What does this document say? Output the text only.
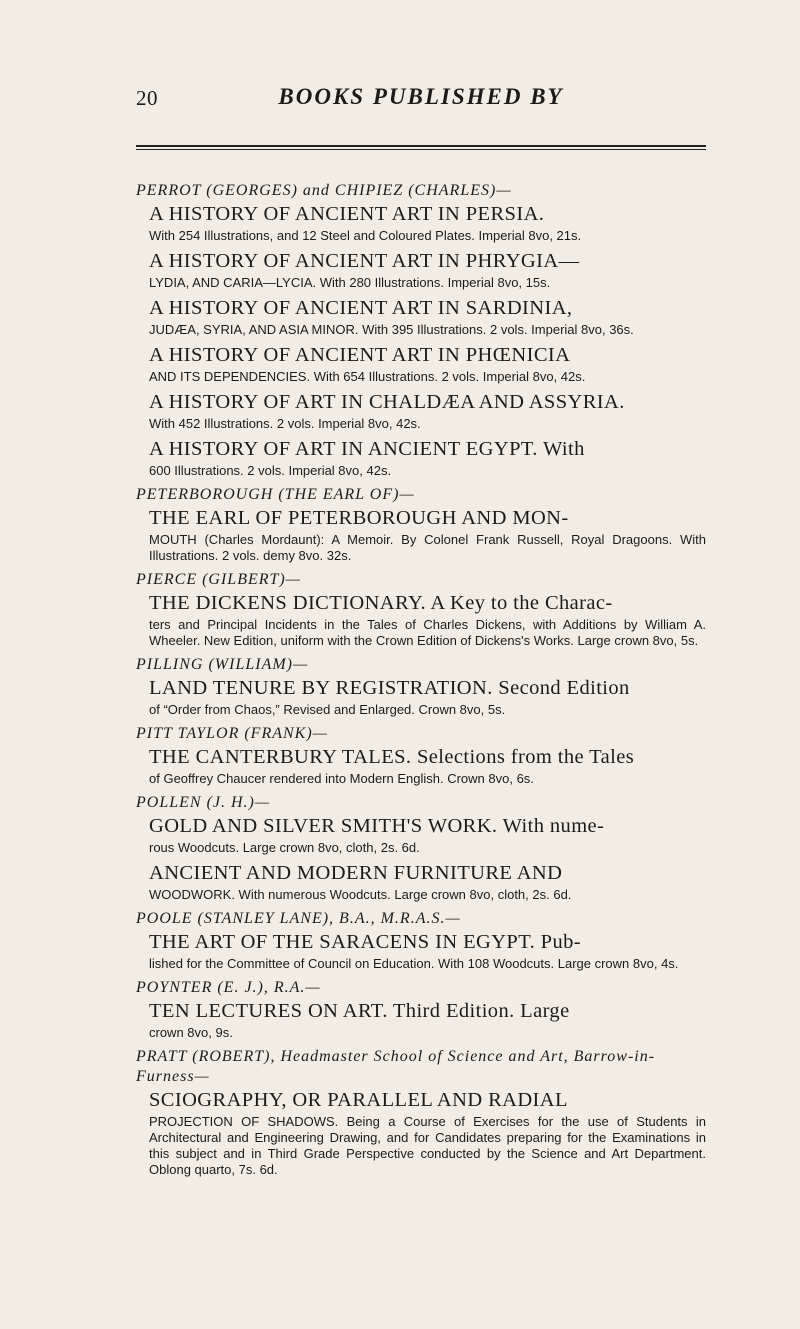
20	BOOKS PUBLISHED BY
PERROT (GEORGES) and CHIPIEZ (CHARLES)—
A HISTORY OF ANCIENT ART IN PERSIA.
With 254 Illustrations, and 12 Steel and Coloured Plates. Imperial 8vo, 21s.
A HISTORY OF ANCIENT ART IN PHRYGIA—
LYDIA, AND CARIA—LYCIA. With 280 Illustrations. Imperial 8vo, 15s.
A HISTORY OF ANCIENT ART IN SARDINIA,
JUDÆA, SYRIA, AND ASIA MINOR. With 395 Illustrations. 2 vols. Imperial 8vo, 36s.
A HISTORY OF ANCIENT ART IN PHŒNICIA
AND ITS DEPENDENCIES. With 654 Illustrations. 2 vols. Imperial 8vo, 42s.
A HISTORY OF ART IN CHALDÆA AND ASSYRIA.
With 452 Illustrations. 2 vols. Imperial 8vo, 42s.
A HISTORY OF ART IN ANCIENT EGYPT. With
600 Illustrations. 2 vols. Imperial 8vo, 42s.
PETERBOROUGH (THE EARL OF)—
THE EARL OF PETERBOROUGH AND MON-
MOUTH (Charles Mordaunt): A Memoir. By Colonel Frank Russell, Royal Dragoons. With Illustrations. 2 vols. demy 8vo. 32s.
PIERCE (GILBERT)—
THE DICKENS DICTIONARY. A Key to the Charac-
ters and Principal Incidents in the Tales of Charles Dickens, with Additions by William A. Wheeler. New Edition, uniform with the Crown Edition of Dickens's Works. Large crown 8vo, 5s.
PILLING (WILLIAM)—
LAND TENURE BY REGISTRATION. Second Edition
of “Order from Chaos,” Revised and Enlarged. Crown 8vo, 5s.
PITT TAYLOR (FRANK)—
THE CANTERBURY TALES. Selections from the Tales
of Geoffrey Chaucer rendered into Modern English. Crown 8vo, 6s.
POLLEN (J. H.)—
GOLD AND SILVER SMITH'S WORK. With nume-
rous Woodcuts. Large crown 8vo, cloth, 2s. 6d.
ANCIENT AND MODERN FURNITURE AND
WOODWORK. With numerous Woodcuts. Large crown 8vo, cloth, 2s. 6d.
POOLE (STANLEY LANE), B.A., M.R.A.S.—
THE ART OF THE SARACENS IN EGYPT. Pub-
lished for the Committee of Council on Education. With 108 Woodcuts. Large crown 8vo, 4s.
POYNTER (E. J.), R.A.—
TEN LECTURES ON ART. Third Edition. Large
crown 8vo, 9s.
PRATT (ROBERT), Headmaster School of Science and Art, Barrow-in-Furness—
SCIOGRAPHY, OR PARALLEL AND RADIAL
PROJECTION OF SHADOWS. Being a Course of Exercises for the use of Students in Architectural and Engineering Drawing, and for Candidates preparing for the Examinations in this subject and in Third Grade Perspective conducted by the Science and Art Department. Oblong quarto, 7s. 6d.
